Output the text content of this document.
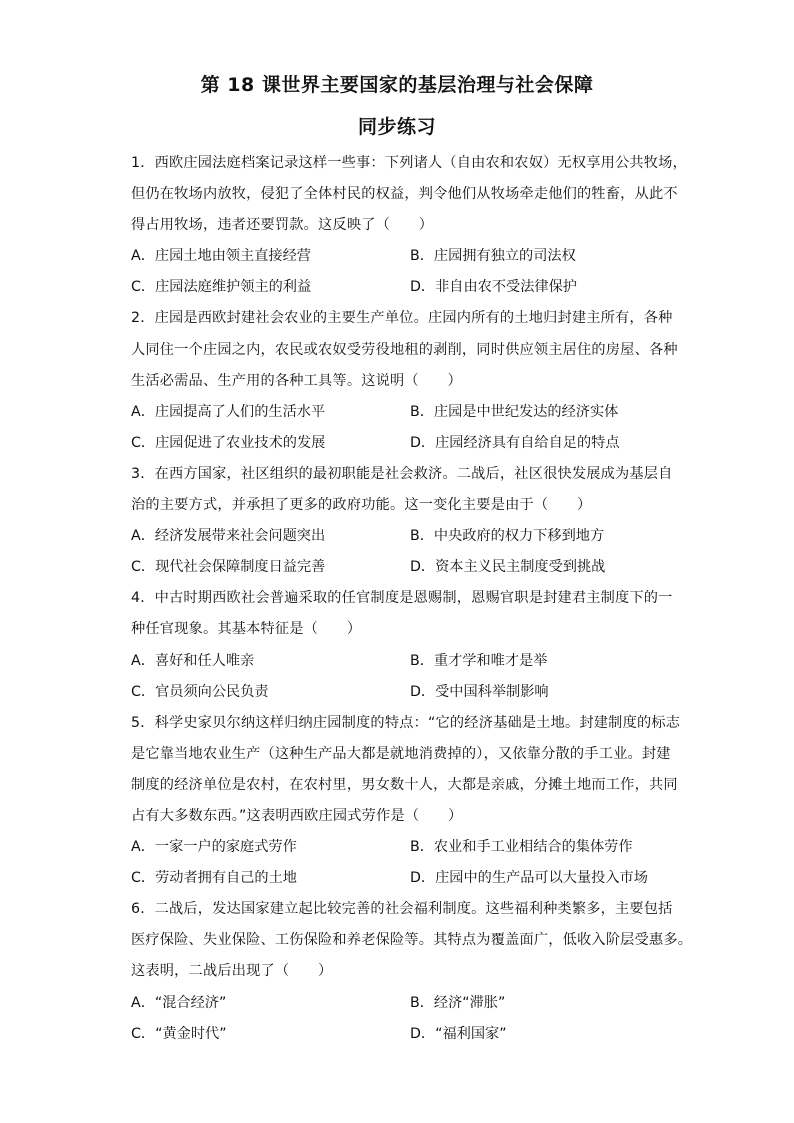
第 18 课世界主要国家的基层治理与社会保障
同步练习
1．西欧庄园法庭档案记录这样一些事：下列诸人（自由农和农奴）无权享用公共牧场，
但仍在牧场内放牧，侵犯了全体村民的权益，判令他们从牧场牵走他们的牲畜，从此不
得占用牧场，违者还要罚款。这反映了（　　）
A．庄园土地由领主直接经营	B．庄园拥有独立的司法权
C．庄园法庭维护领主的利益	D．非自由农不受法律保护
2．庄园是西欧封建社会农业的主要生产单位。庄园内所有的土地归封建主所有，各种
人同住一个庄园之内，农民或农奴受劳役地租的剥削，同时供应领主居住的房屋、各种
生活必需品、生产用的各种工具等。这说明（　　）
A．庄园提高了人们的生活水平	B．庄园是中世纪发达的经济实体
C．庄园促进了农业技术的发展	D．庄园经济具有自给自足的特点
3．在西方国家，社区组织的最初职能是社会救济。二战后，社区很快发展成为基层自
治的主要方式，并承担了更多的政府功能。这一变化主要是由于（　　）
A．经济发展带来社会问题突出	B．中央政府的权力下移到地方
C．现代社会保障制度日益完善	D．资本主义民主制度受到挑战
4．中古时期西欧社会普遍采取的任官制度是恩赐制，恩赐官职是封建君主制度下的一
种任官现象。其基本特征是（　　）
A．喜好和任人唯亲	B．重才学和唯才是举
C．官员须向公民负责	D．受中国科举制影响
5．科学史家贝尔纳这样归纳庄园制度的特点：“它的经济基础是土地。封建制度的标志
是它靠当地农业生产（这种生产品大都是就地消费掉的），又依靠分散的手工业。封建
制度的经济单位是农村，在农村里，男女数十人，大都是亲戚，分摊土地而工作，共同
占有大多数东西。”这表明西欧庄园式劳作是（　　）
A．一家一户的家庭式劳作	B．农业和手工业相结合的集体劳作
C．劳动者拥有自己的土地	D．庄园中的生产品可以大量投入市场
6．二战后，发达国家建立起比较完善的社会福利制度。这些福利种类繁多，主要包括
医疗保险、失业保险、工伤保险和养老保险等。其特点为覆盖面广，低收入阶层受惠多。
这表明，二战后出现了（　　）
A．“混合经济”	B．经济“滞胀”
C．“黄金时代”	D．“福利国家”
